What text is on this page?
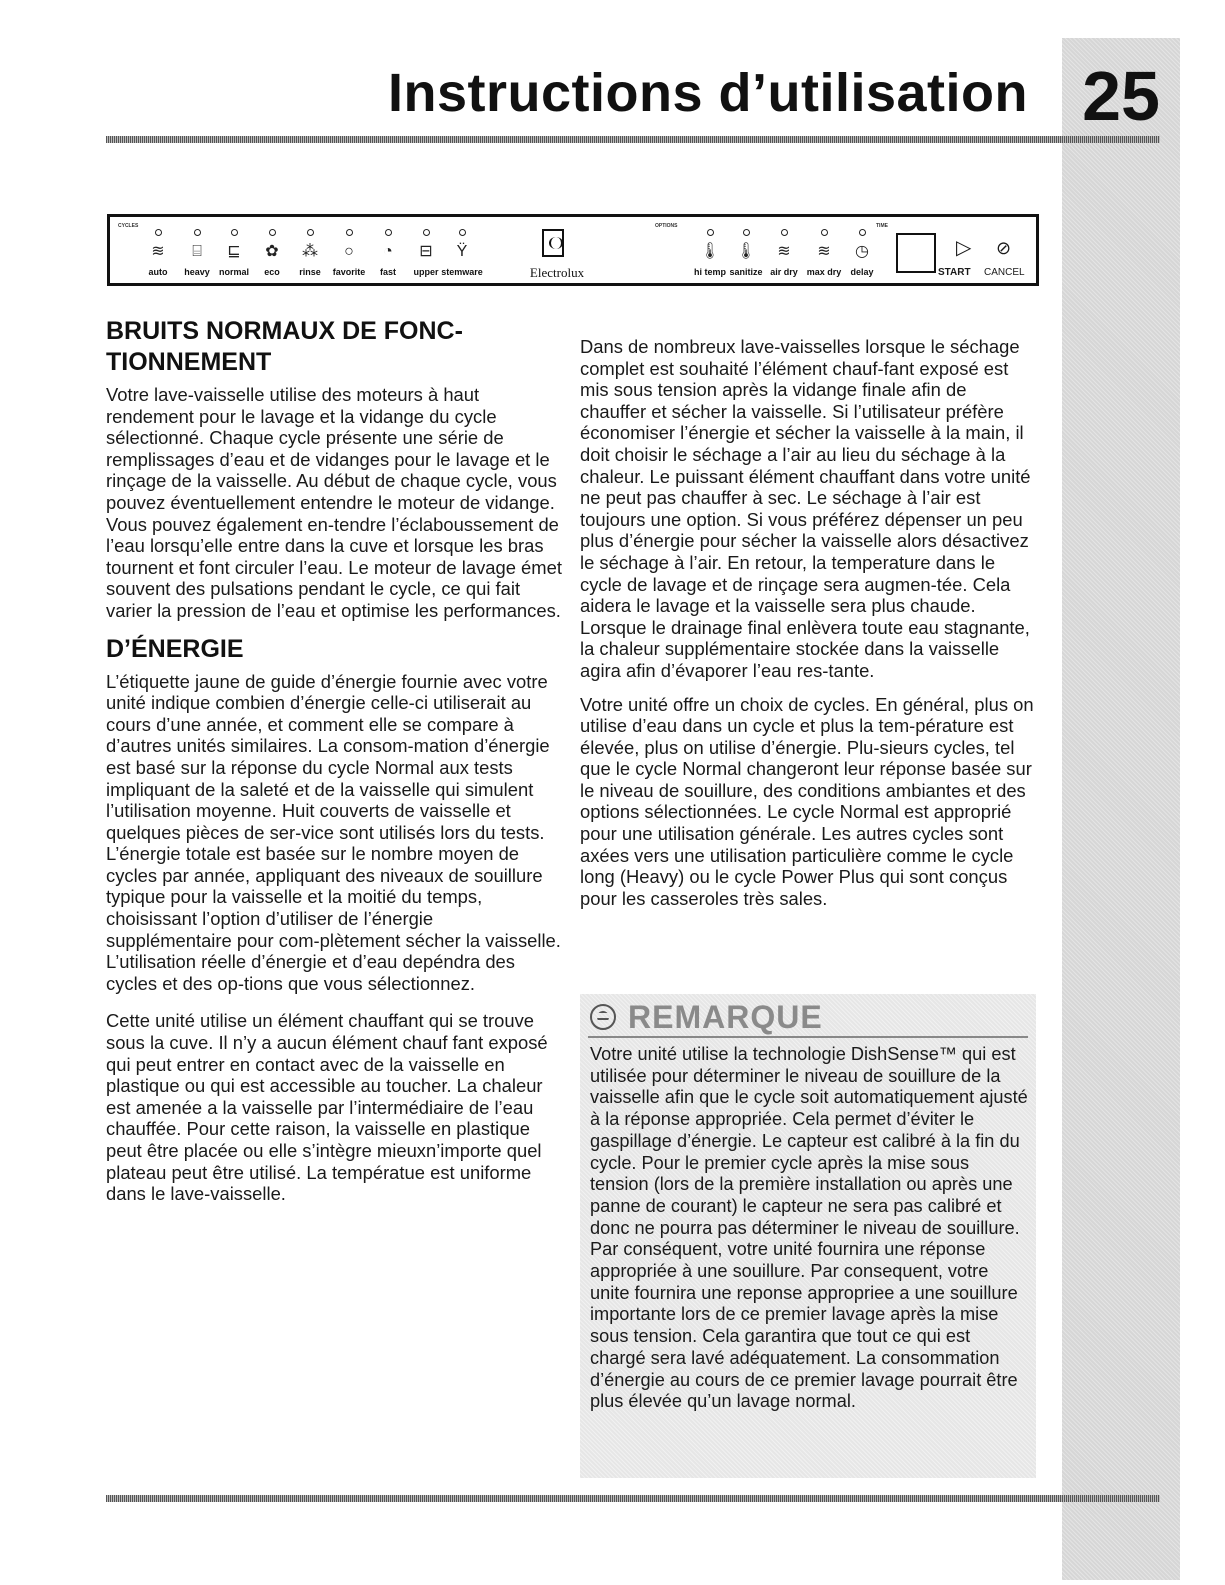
25
Instructions d’utilisation
CYCLES
≋
auto
⌸
heavy
⊑
normal
✿
eco
⁂
rinse
○
favorite
◔
fast
⊟
upper
Ÿ
stemware	Electrolux
OPTIONS
🌡
hi temp
🌡
sanitize
≋
air dry
≋
max dry
◷
delay
TIME
▷ ⊘
START CANCEL
BRUITS NORMAUX DE FONC-TIONNEMENT

Votre lave-vaisselle utilise des moteurs à haut rendement pour le lavage et la vidange du cycle sélectionné. Chaque cycle présente une série de remplissages d’eau et de vidanges pour le lavage et le rinçage de la vaisselle. Au début de chaque cycle, vous pouvez éventuellement entendre le moteur de vidange. Vous pouvez également en-tendre l’éclaboussement de l’eau lorsqu’elle entre dans la cuve et lorsque les bras tournent et font circuler l’eau. Le moteur de lavage émet souvent des pulsations pendant le cycle, ce qui fait varier la pression de l’eau et optimise les performances.

D’ÉNERGIE

L’étiquette jaune de guide d’énergie fournie avec votre unité indique combien d’énergie celle-ci utiliserait au cours d’une année, et comment elle se compare à d’autres unités similaires. La consom-mation d’énergie est basé sur la réponse du cycle Normal aux tests impliquant de la saleté et de la vaisselle qui simulent l’utilisation moyenne. Huit couverts de vaisselle et quelques pièces de ser-vice sont utilisés lors du tests. L’énergie totale est basée sur le nombre moyen de cycles par année, appliquant des niveaux de souillure typique pour la vaisselle et la moitié du temps, choisissant l’option d’utiliser de l’énergie supplémentaire pour com-plètement sécher la vaisselle. L’utilisation réelle d’énergie et d’eau depéndra des cycles et des op-tions que vous sélectionnez.

Cette unité utilise un élément chauffant qui se trouve sous la cuve. Il n’y a aucun élément chauf fant exposé qui peut entrer en contact avec de la vaisselle en plastique ou qui est accessible au toucher. La chaleur est amenée a la vaisselle par l’intermédiaire de l’eau chauffée. Pour cette raison, la vaisselle en plastique peut être placée ou elle s’intègre mieuxn’importe quel plateau peut être utilisé. La températue est uniforme dans le lave-vaisselle.

Dans de nombreux lave-vaisselles lorsque le séchage complet est souhaité l’élément chauf-fant exposé est mis sous tension après la vidange finale afin de chauffer et sécher la vaisselle. Si l’utilisateur préfère économiser l’énergie et sécher la vaisselle à la main, il doit choisir le séchage a l’air au lieu du séchage à la chaleur. Le puissant élément chauffant dans votre unité ne peut pas chauffer à sec. Le séchage à l’air est toujours une option. Si vous préférez dépenser un peu plus d’énergie pour sécher la vaisselle alors désactivez le séchage à l’air. En retour, la temperature dans le cycle de lavage et de rinçage sera augmen-tée. Cela aidera le lavage et la vaisselle sera plus chaude. Lorsque le drainage final enlèvera toute eau stagnante, la chaleur supplémentaire stockée dans la vaisselle agira afin d’évaporer l’eau res-tante.

Votre unité offre un choix de cycles. En général, plus on utilise d’eau dans un cycle et plus la tem-pérature est élevée, plus on utilise d’énergie. Plu-sieurs cycles, tel que le cycle Normal changeront leur réponse basée sur le niveau de souillure, des conditions ambiantes et des options sélectionnées. Le cycle Normal est approprié pour une utilisation générale. Les autres cycles sont axées vers une utilisation particulière comme le cycle long (Heavy) ou le cycle Power Plus qui sont conçus pour les casseroles très sales.

REMARQUE
Votre unité utilise la technologie DishSense™ qui est utilisée pour déterminer le niveau de souillure de la vaisselle afin que le cycle soit automatiquement ajusté à la réponse appropriée. Cela permet d’éviter le gaspillage d’énergie. Le capteur est calibré à la fin du cycle. Pour le premier cycle après la mise sous tension (lors de la première installation ou après une panne de courant) le capteur ne sera pas calibré et donc ne pourra pas déterminer le niveau de souillure. Par conséquent, votre unité fournira une réponse appropriée à une souillure. Par consequent, votre unite fournira une reponse appropriee a une souillure importante lors de ce premier lavage après la mise sous tension. Cela garantira que tout ce qui est chargé sera lavé adéquatement. La consommation d’énergie au cours de ce premier lavage pourrait être plus élevée qu’un lavage normal.
